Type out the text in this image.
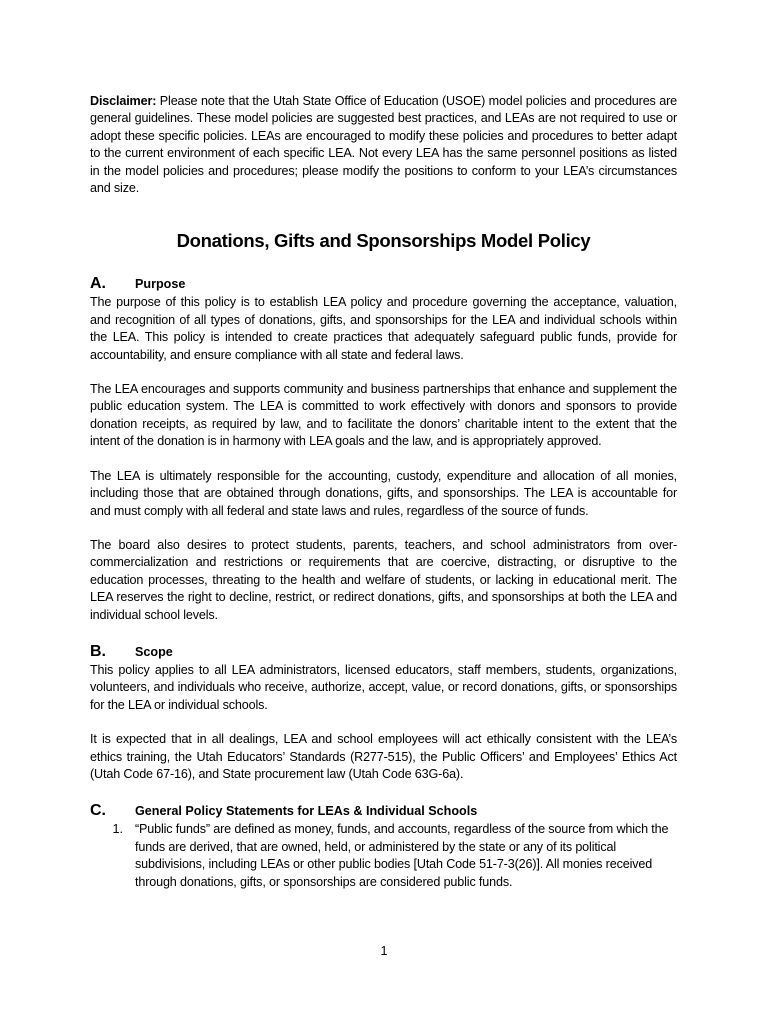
Disclaimer: Please note that the Utah State Office of Education (USOE) model policies and procedures are general guidelines. These model policies are suggested best practices, and LEAs are not required to use or adopt these specific policies. LEAs are encouraged to modify these policies and procedures to better adapt to the current environment of each specific LEA. Not every LEA has the same personnel positions as listed in the model policies and procedures; please modify the positions to conform to your LEA’s circumstances and size.

Donations, Gifts and Sponsorships Model Policy
A.	Purpose

The purpose of this policy is to establish LEA policy and procedure governing the acceptance, valuation, and recognition of all types of donations, gifts, and sponsorships for the LEA and individual schools within the LEA. This policy is intended to create practices that adequately safeguard public funds, provide for accountability, and ensure compliance with all state and federal laws.

The LEA encourages and supports community and business partnerships that enhance and supplement the public education system. The LEA is committed to work effectively with donors and sponsors to provide donation receipts, as required by law, and to facilitate the donors’ charitable intent to the extent that the intent of the donation is in harmony with LEA goals and the law, and is appropriately approved.

The LEA is ultimately responsible for the accounting, custody, expenditure and allocation of all monies, including those that are obtained through donations, gifts, and sponsorships. The LEA is accountable for and must comply with all federal and state laws and rules, regardless of the source of funds.

The board also desires to protect students, parents, teachers, and school administrators from over-commercialization and restrictions or requirements that are coercive, distracting, or disruptive to the education processes, threating to the health and welfare of students, or lacking in educational merit. The LEA reserves the right to decline, restrict, or redirect donations, gifts, and sponsorships at both the LEA and individual school levels.

B.	Scope

This policy applies to all LEA administrators, licensed educators, staff members, students, organizations, volunteers, and individuals who receive, authorize, accept, value, or record donations, gifts, or sponsorships for the LEA or individual schools.

It is expected that in all dealings, LEA and school employees will act ethically consistent with the LEA’s ethics training, the Utah Educators’ Standards (R277-515), the Public Officers’ and Employees’ Ethics Act (Utah Code 67-16), and State procurement law (Utah Code 63G-6a).

C.	General Policy Statements for LEAs & Individual Schools
1. “Public funds” are defined as money, funds, and accounts, regardless of the source from which the funds are derived, that are owned, held, or administered by the state or any of its political subdivisions, including LEAs or other public bodies [Utah Code 51-7-3(26)]. All monies received through donations, gifts, or sponsorships are considered public funds.
1
